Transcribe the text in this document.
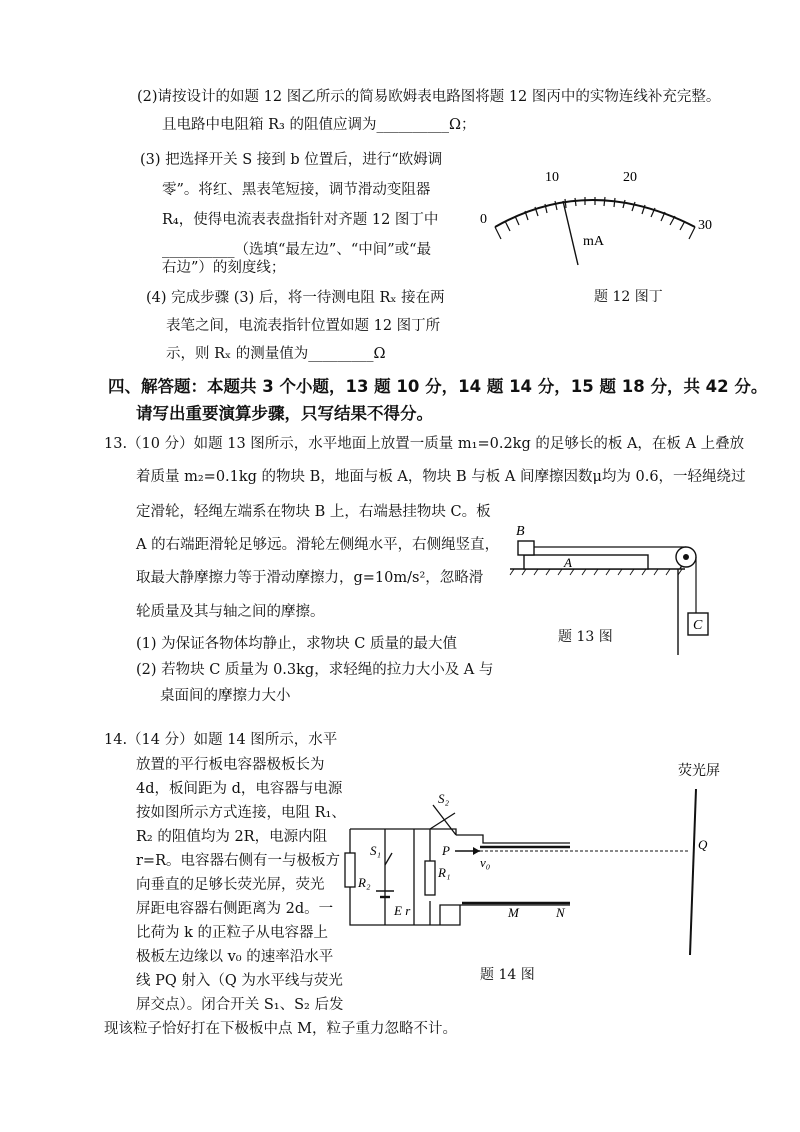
(2)请按设计的如题 12 图乙所示的简易欧姆表电路图将题 12 图丙中的实物连线补充完整。
且电路中电阻箱 R₃ 的阻值应调为__________Ω；
(3) 把选择开关 S 接到 b 位置后，进行“欧姆调
零”。将红、黑表笔短接，调节滑动变阻器
R₄，使得电流表表盘指针对齐题 12 图丁中
__________（选填“最左边”、“中间”或“最
右边”）的刻度线；
(4) 完成步骤 (3) 后，将一待测电阻 Rₓ 接在两
表笔之间，电流表指针位置如题 12 图丁所
示，则 Rₓ 的测量值为_________Ω
0
10	20
30
mA
题 12 图丁
四、解答题：本题共 3 个小题，13 题 10 分，14 题 14 分，15 题 18 分，共 42 分。
请写出重要演算步骤，只写结果不得分。
13.（10 分）如题 13 图所示，水平地面上放置一质量 m₁=0.2kg 的足够长的板 A，在板 A 上叠放
着质量 m₂=0.1kg 的物块 B，地面与板 A，物块 B 与板 A 间摩擦因数μ均为 0.6，一轻绳绕过
定滑轮，轻绳左端系在物块 B 上，右端悬挂物块 C。板
A 的右端距滑轮足够远。滑轮左侧绳水平，右侧绳竖直，
取最大静摩擦力等于滑动摩擦力，g=10m/s²，忽略滑
轮质量及其与轴之间的摩擦。
(1) 为保证各物体均静止，求物块 C 质量的最大值
(2) 若物块 C 质量为 0.3kg，求轻绳的拉力大小及 A 与
桌面间的摩擦力大小
B
A
C
题 13 图
14.（14 分）如题 14 图所示，水平
放置的平行板电容器极板长为
4d，板间距为 d，电容器与电源
按如图所示方式连接，电阻 R₁、
R₂ 的阻值均为 2R，电源内阻
r=R。电容器右侧有一与极板方
向垂直的足够长荧光屏，荧光
屏距电容器右侧距离为 2d。一
比荷为 k 的正粒子从电容器上
极板左边缘以 v₀ 的速率沿水平
线 PQ 射入（Q 为水平线与荧光
屏交点）。闭合开关 S₁、S₂ 后发
现该粒子恰好打在下极板中点 M，粒子重力忽略不计。
荧光屏
S₂
S₁
R₂
R₁
E r
P
v₀
Q
M	N
题 14 图
